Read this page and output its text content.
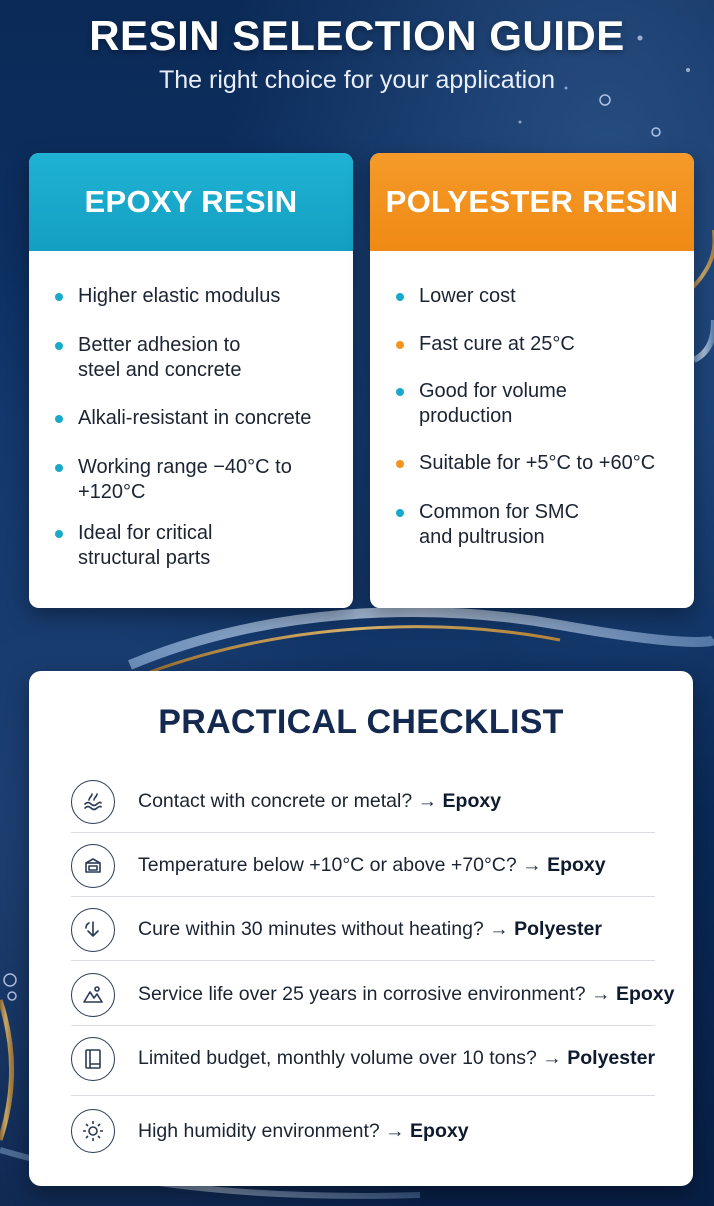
RESIN SELECTION GUIDE
The right choice for your application
EPOXY RESIN
Higher elastic modulus
Better adhesion to steel and concrete
Alkali-resistant in concrete
Working range −40°C to +120°C
Ideal for critical structural parts
POLYESTER RESIN
Lower cost
Fast cure at 25°C
Good for volume production
Suitable for +5°C to +60°C
Common for SMC and pultrusion
PRACTICAL CHECKLIST
Contact with concrete or metal? → Epoxy
Temperature below +10°C or above +70°C? → Epoxy
Cure within 30 minutes without heating? → Polyester
Service life over 25 years in corrosive environment? → Epoxy
Limited budget, monthly volume over 10 tons? → Polyester
High humidity environment? → Epoxy
